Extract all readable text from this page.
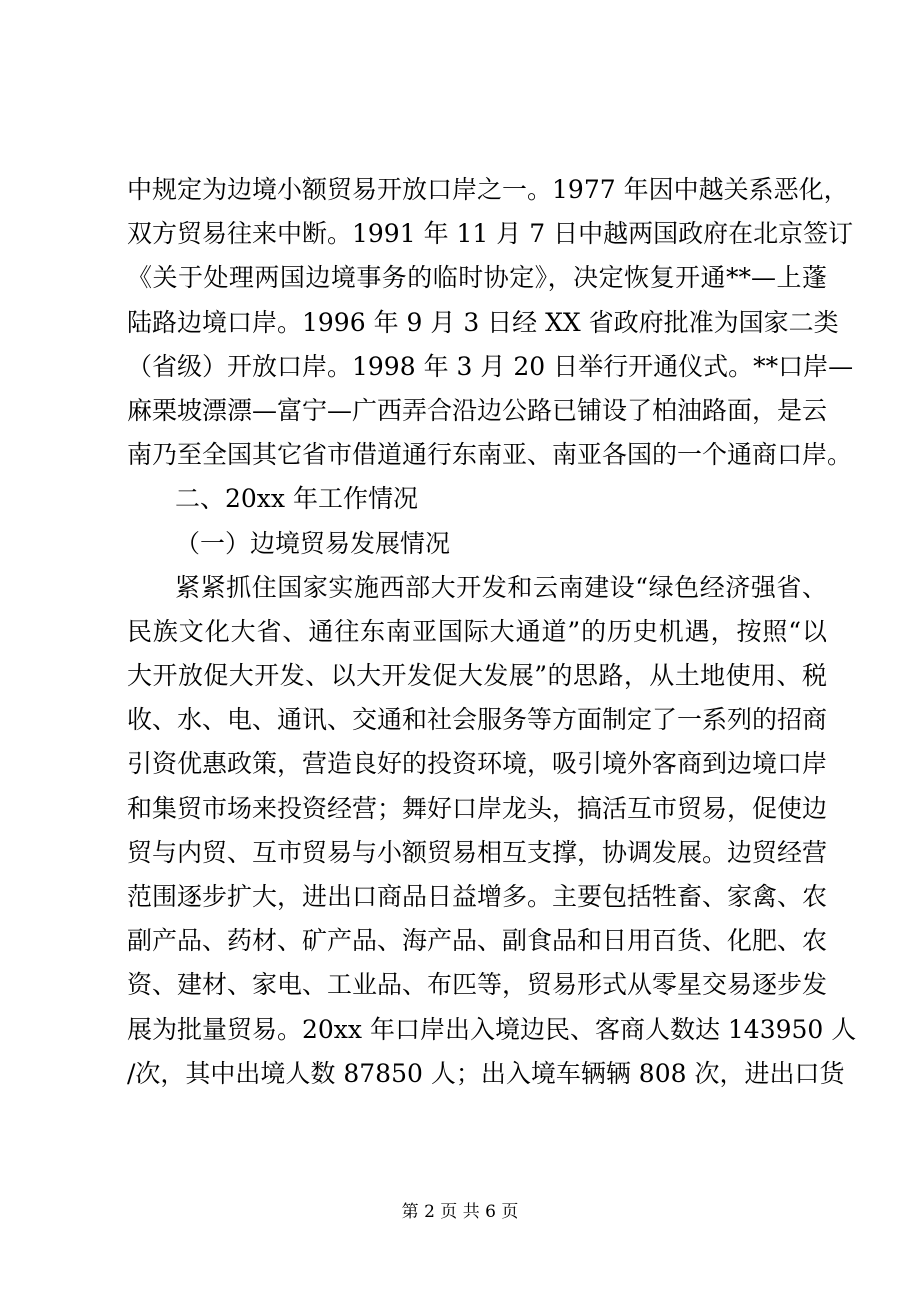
中规定为边境小额贸易开放口岸之一。1977 年因中越关系恶化，
双方贸易往来中断。1991 年 11 月 7 日中越两国政府在北京签订
《关于处理两国边境事务的临时协定》，决定恢复开通**—上蓬
陆路边境口岸。1996 年 9 月 3 日经 XX 省政府批准为国家二类
（省级）开放口岸。1998 年 3 月 20 日举行开通仪式。**口岸—
麻栗坡漂漂—富宁—广西弄合沿边公路已铺设了柏油路面，是云
南乃至全国其它省市借道通行东南亚、南亚各国的一个通商口岸。
二、20xx 年工作情况
（一）边境贸易发展情况
紧紧抓住国家实施西部大开发和云南建设“绿色经济强省、
民族文化大省、通往东南亚国际大通道”的历史机遇，按照“以
大开放促大开发、以大开发促大发展”的思路，从土地使用、税
收、水、电、通讯、交通和社会服务等方面制定了一系列的招商
引资优惠政策，营造良好的投资环境，吸引境外客商到边境口岸
和集贸市场来投资经营；舞好口岸龙头，搞活互市贸易，促使边
贸与内贸、互市贸易与小额贸易相互支撑，协调发展。边贸经营
范围逐步扩大，进出口商品日益增多。主要包括牲畜、家禽、农
副产品、药材、矿产品、海产品、副食品和日用百货、化肥、农
资、建材、家电、工业品、布匹等，贸易形式从零星交易逐步发
展为批量贸易。20xx 年口岸出入境边民、客商人数达 143950 人
/次，其中出境人数 87850 人；出入境车辆辆 808 次，进出口货
第 2 页 共 6 页
